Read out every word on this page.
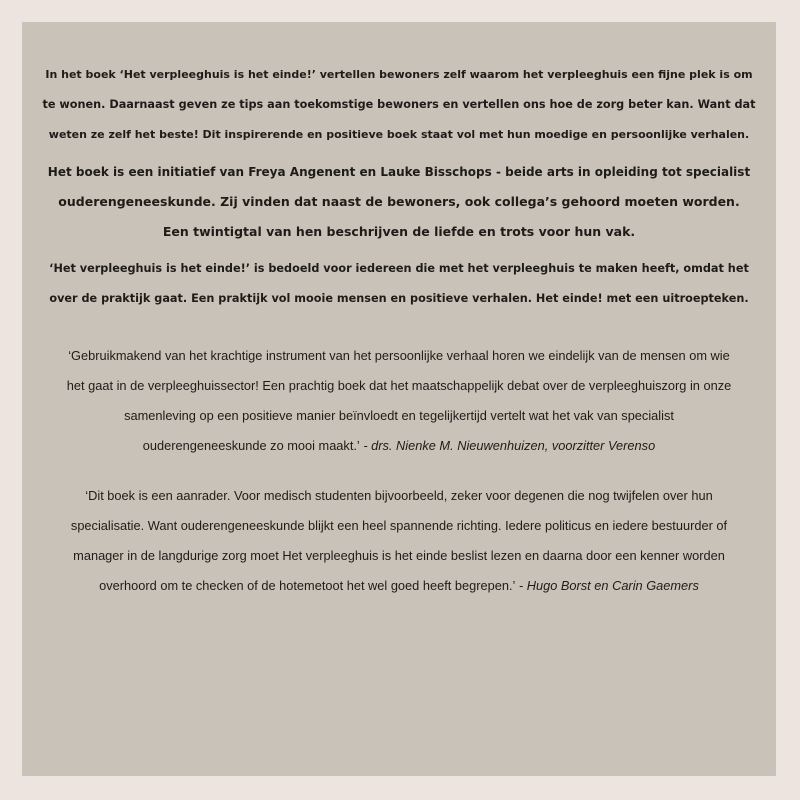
In het boek ‘Het verpleeghuis is het einde!’ vertellen bewoners zelf waarom het verpleeghuis een fijne plek is om
te wonen. Daarnaast geven ze tips aan toekomstige bewoners en vertellen ons hoe de zorg beter kan. Want dat
weten ze zelf het beste! Dit inspirerende en positieve boek staat vol met hun moedige en persoonlijke verhalen.

Het boek is een initiatief van Freya Angenent en Lauke Bisschops - beide arts in opleiding tot specialist
ouderengeneeskunde. Zij vinden dat naast de bewoners, ook collega’s gehoord moeten worden.
Een twintigtal van hen beschrijven de liefde en trots voor hun vak.

‘Het verpleeghuis is het einde!’ is bedoeld voor iedereen die met het verpleeghuis te maken heeft, omdat het
over de praktijk gaat. Een praktijk vol mooie mensen en positieve verhalen. Het einde! met een uitroepteken.

‘Gebruikmakend van het krachtige instrument van het persoonlijke verhaal horen we eindelijk van de mensen om wie
het gaat in de verpleeghuissector! Een prachtig boek dat het maatschappelijk debat over de verpleeghuiszorg in onze
samenleving op een positieve manier beïnvloedt en tegelijkertijd vertelt wat het vak van specialist
ouderengeneeskunde zo mooi maakt.’ - drs. Nienke M. Nieuwenhuizen, voorzitter Verenso

‘Dit boek is een aanrader. Voor medisch studenten bijvoorbeeld, zeker voor degenen die nog twijfelen over hun
specialisatie. Want ouderengeneeskunde blijkt een heel spannende richting. Iedere politicus en iedere bestuurder of
manager in de langdurige zorg moet Het verpleeghuis is het einde beslist lezen en daarna door een kenner worden
overhoord om te checken of de hotemetoot het wel goed heeft begrepen.’ - Hugo Borst en Carin Gaemers
